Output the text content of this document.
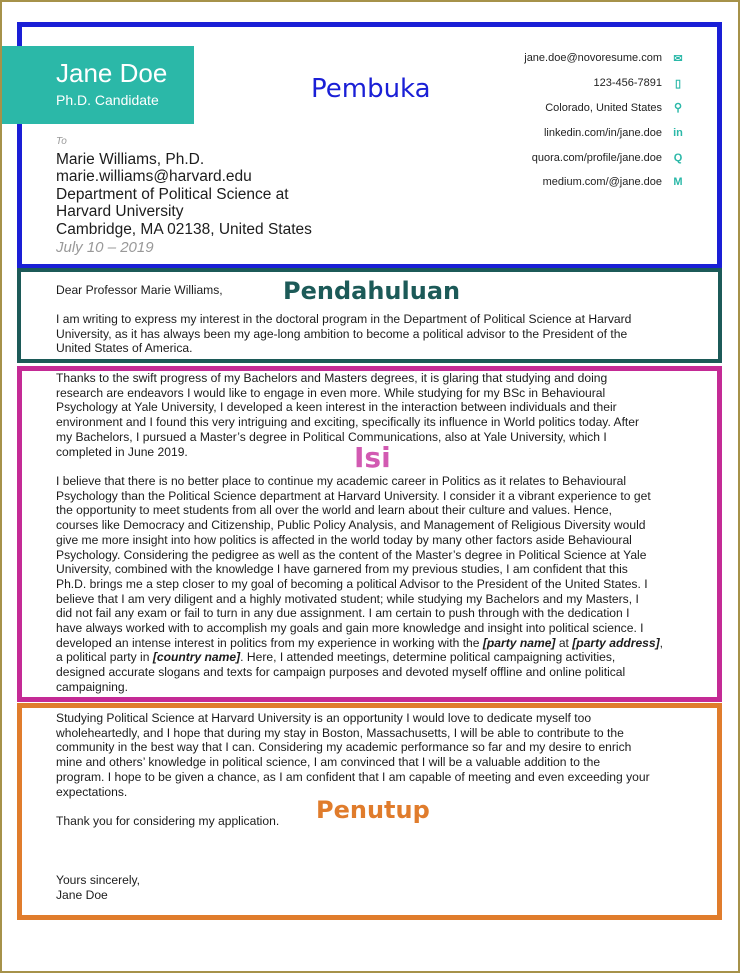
Jane Doe
Ph.D. Candidate
jane.doe@novoresume.com ✉
123-456-7891	▯
Colorado, United States ⚲
linkedin.com/in/jane.doe in
quora.com/profile/jane.doe Q
medium.com/@jane.doe M
To
Marie Williams, Ph.D.
marie.williams@harvard.edu
Department of Political Science at
Harvard University
Cambridge, MA 02138, United States
July 10 – 2019
Pembuka
Pendahuluan
Isi
Penutup

Dear Professor Marie Williams,

I am writing to express my interest in the doctoral program in the Department of Political Science at Harvard

University, as it has always been my age-long ambition to become a political advisor to the President of the

United States of America.

Thanks to the swift progress of my Bachelors and Masters degrees, it is glaring that studying and doing

research are endeavors I would like to engage in even more. While studying for my BSc in Behavioural

Psychology at Yale University, I developed a keen interest in the interaction between individuals and their

environment and I found this very intriguing and exciting, specifically its influence in World politics today. After

my Bachelors, I pursued a Master’s degree in Political Communications, also at Yale University, which I

completed in June 2019.

I believe that there is no better place to continue my academic career in Politics as it relates to Behavioural

Psychology than the Political Science department at Harvard University. I consider it a vibrant experience to get

the opportunity to meet students from all over the world and learn about their culture and values. Hence,

courses like Democracy and Citizenship, Public Policy Analysis, and Management of Religious Diversity would

give me more insight into how politics is affected in the world today by many other factors aside Behavioural

Psychology. Considering the pedigree as well as the content of the Master’s degree in Political Science at Yale

University, combined with the knowledge I have garnered from my previous studies, I am confident that this

Ph.D. brings me a step closer to my goal of becoming a political Advisor to the President of the United States. I

believe that I am very diligent and a highly motivated student; while studying my Bachelors and my Masters, I

did not fail any exam or fail to turn in any due assignment. I am certain to push through with the dedication I

have always worked with to accomplish my goals and gain more knowledge and insight into political science. I

developed an intense interest in politics from my experience in working with the [party name] at [party address],

a political party in [country name]. Here, I attended meetings, determine political campaigning activities,

designed accurate slogans and texts for campaign purposes and devoted myself offline and online political

campaigning.

Studying Political Science at Harvard University is an opportunity I would love to dedicate myself too

wholeheartedly, and I hope that during my stay in Boston, Massachusetts, I will be able to contribute to the

community in the best way that I can. Considering my academic performance so far and my desire to enrich

mine and others’ knowledge in political science, I am convinced that I will be a valuable addition to the

program. I hope to be given a chance, as I am confident that I am capable of meeting and even exceeding your

expectations.

Thank you for considering my application.

Yours sincerely,

Jane Doe
